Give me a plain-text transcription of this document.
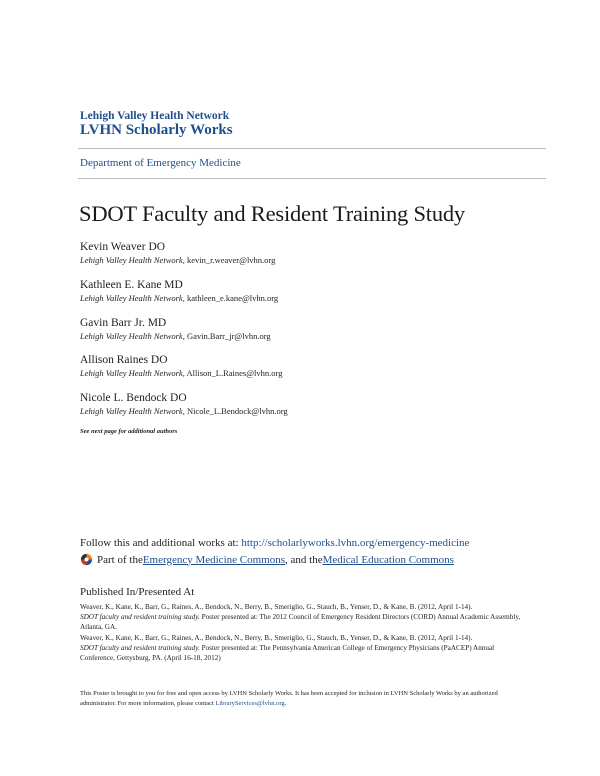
Lehigh Valley Health Network
LVHN Scholarly Works
Department of Emergency Medicine
SDOT Faculty and Resident Training Study
Kevin Weaver DO
Lehigh Valley Health Network, kevin_r.weaver@lvhn.org
Kathleen E. Kane MD
Lehigh Valley Health Network, kathleen_e.kane@lvhn.org
Gavin Barr Jr. MD
Lehigh Valley Health Network, Gavin.Barr_jr@lvhn.org
Allison Raines DO
Lehigh Valley Health Network, Allison_L.Raines@lvhn.org
Nicole L. Bendock DO
Lehigh Valley Health Network, Nicole_L.Bendock@lvhn.org
See next page for additional authors
Follow this and additional works at: http://scholarlyworks.lvhn.org/emergency-medicine
Part of the Emergency Medicine Commons , and the Medical Education Commons
Published In/Presented At
Weaver, K., Kane, K., Barr, G., Raines, A., Bendock, N., Berry, B., Smeriglio, G., Stauch, B., Yenser, D., & Kane, B. (2012, April 1-14).
SDOT faculty and resident training study. Poster presented at: The 2012 Council of Emergency Resident Directors (CORD) Annual Academic Assembly, Atlanta, GA.
Weaver, K., Kane, K., Barr, G., Raines, A., Bendock, N., Berry, B., Smeriglio, G., Stauch, B., Yenser, D., & Kane, B. (2012, April 1-14).
SDOT faculty and resident training study. Poster presented at: The Pennsylvania American College of Emergency Physicians (PaACEP) Annual Conference, Gettysburg, PA. (April 16-18, 2012)
This Poster is brought to you for free and open access by LVHN Scholarly Works. It has been accepted for inclusion in LVHN Scholarly Works by an authorized administrator. For more information, please contact LibraryServices@lvhn.org.
